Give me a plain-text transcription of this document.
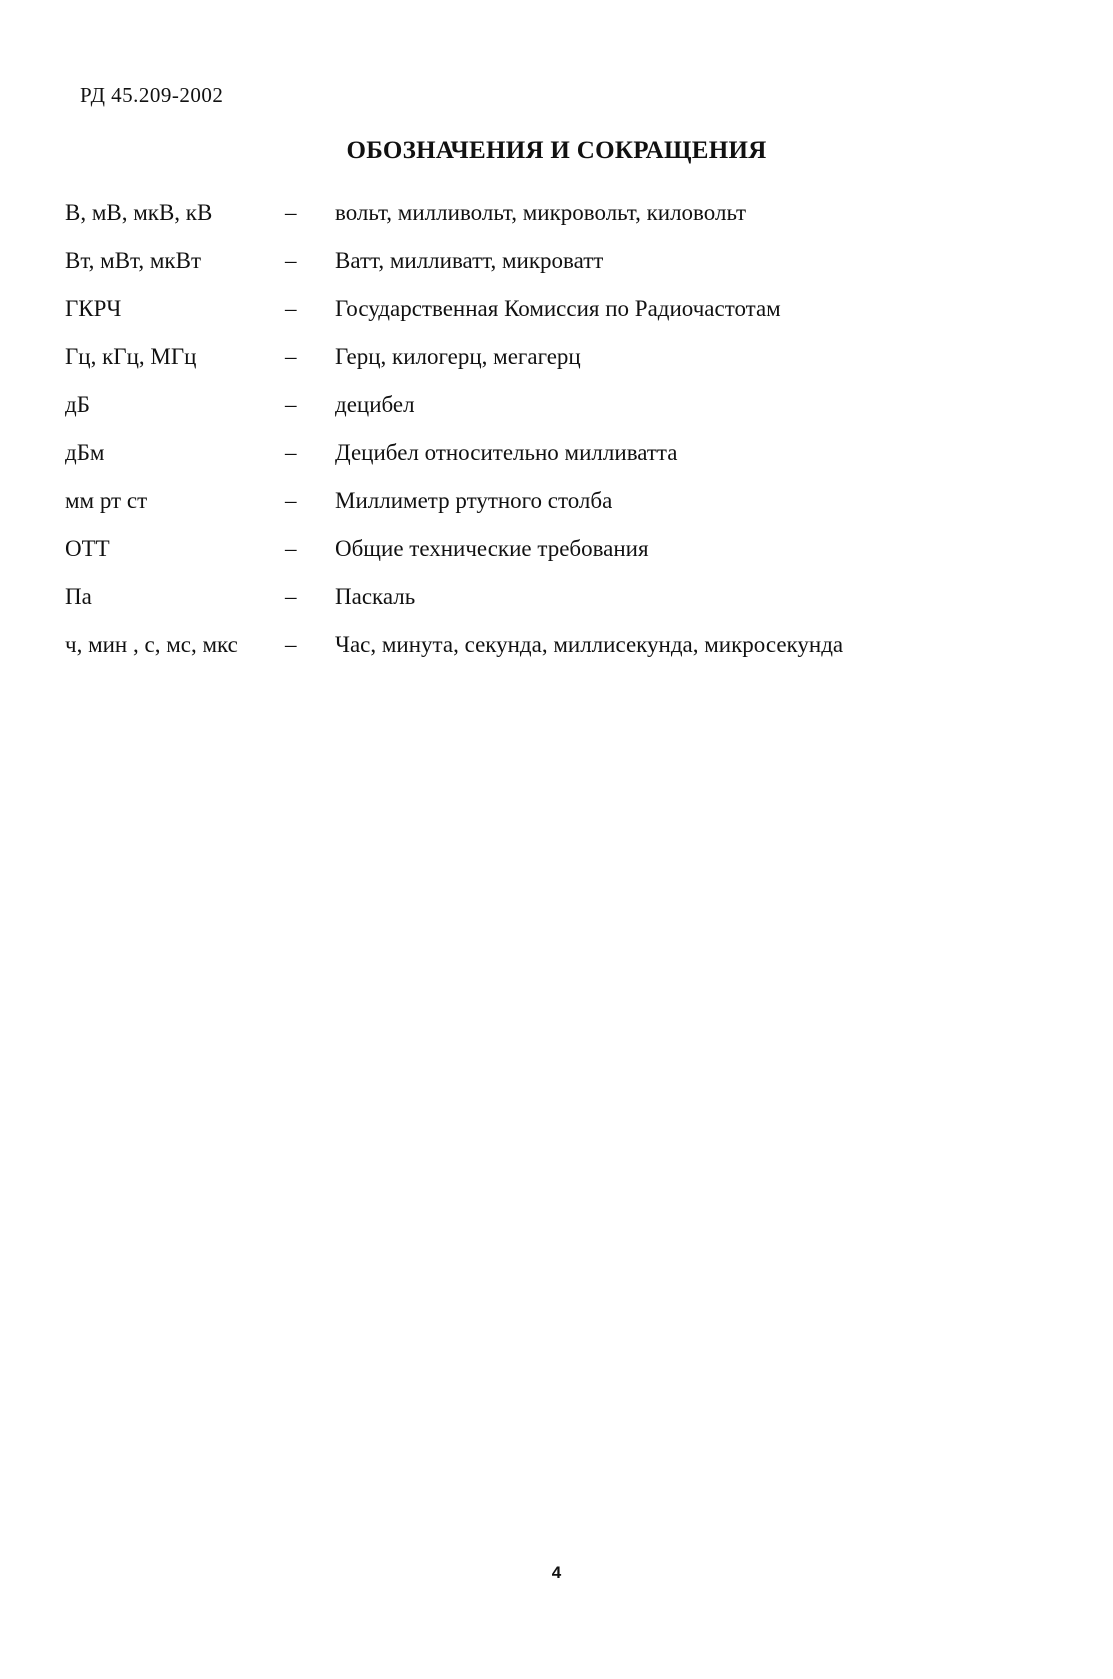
РД 45.209-2002
ОБОЗНАЧЕНИЯ И СОКРАЩЕНИЯ
В, мВ, мкВ, кВ	– вольт, милливольт, микровольт, киловольт
Вт, мВт, мкВт	– Ватт, милливатт, микроватт
ГКРЧ	– Государственная Комиссия по Радиочастотам
Гц, кГц, МГц	– Герц, килогерц, мегагерц
дБ	– децибел
дБм	– Децибел относительно милливатта
мм рт ст	– Миллиметр ртутного столба
ОТТ	– Общие технические требования
Па	– Паскаль
ч, мин , с, мс, мкс – Час, минута, секунда, миллисекунда, микросекунда
4
